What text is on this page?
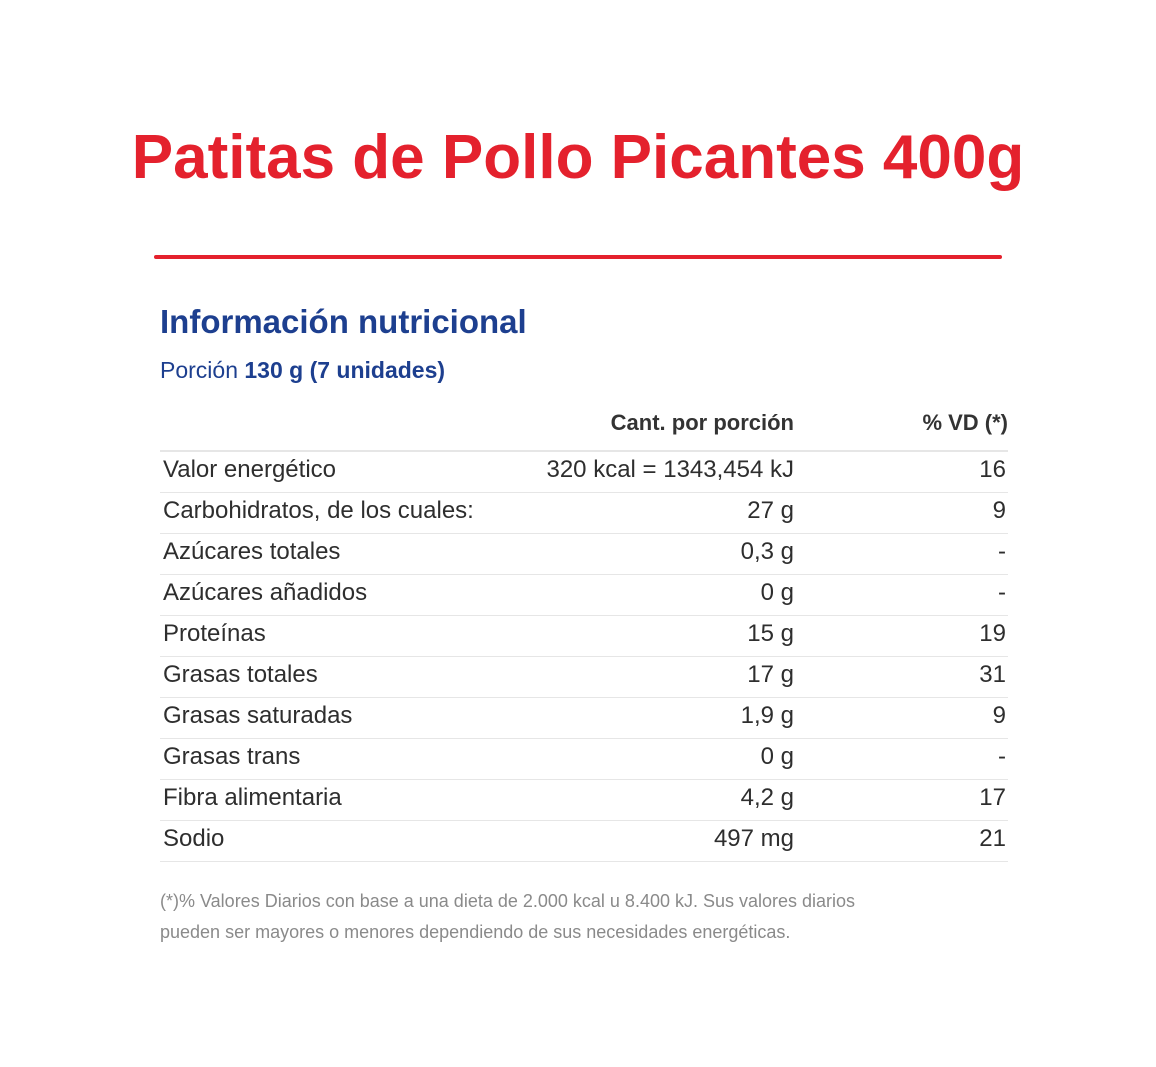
Patitas de Pollo Picantes 400g
Información nutricional
Porción 130 g (7 unidades)
Cant. por porción	% VD (*)
Valor energético	320 kcal = 1343,454 kJ	16
Carbohidratos, de los cuales:	27 g	9
Azúcares totales	0,3 g	-
Azúcares añadidos	0 g	-
Proteínas	15 g	19
Grasas totales	17 g	31
Grasas saturadas	1,9 g	9
Grasas trans	0 g	-
Fibra alimentaria	4,2 g	17
Sodio	497 mg	21
(*)% Valores Diarios con base a una dieta de 2.000 kcal u 8.400 kJ. Sus valores diarios
pueden ser mayores o menores dependiendo de sus necesidades energéticas.
